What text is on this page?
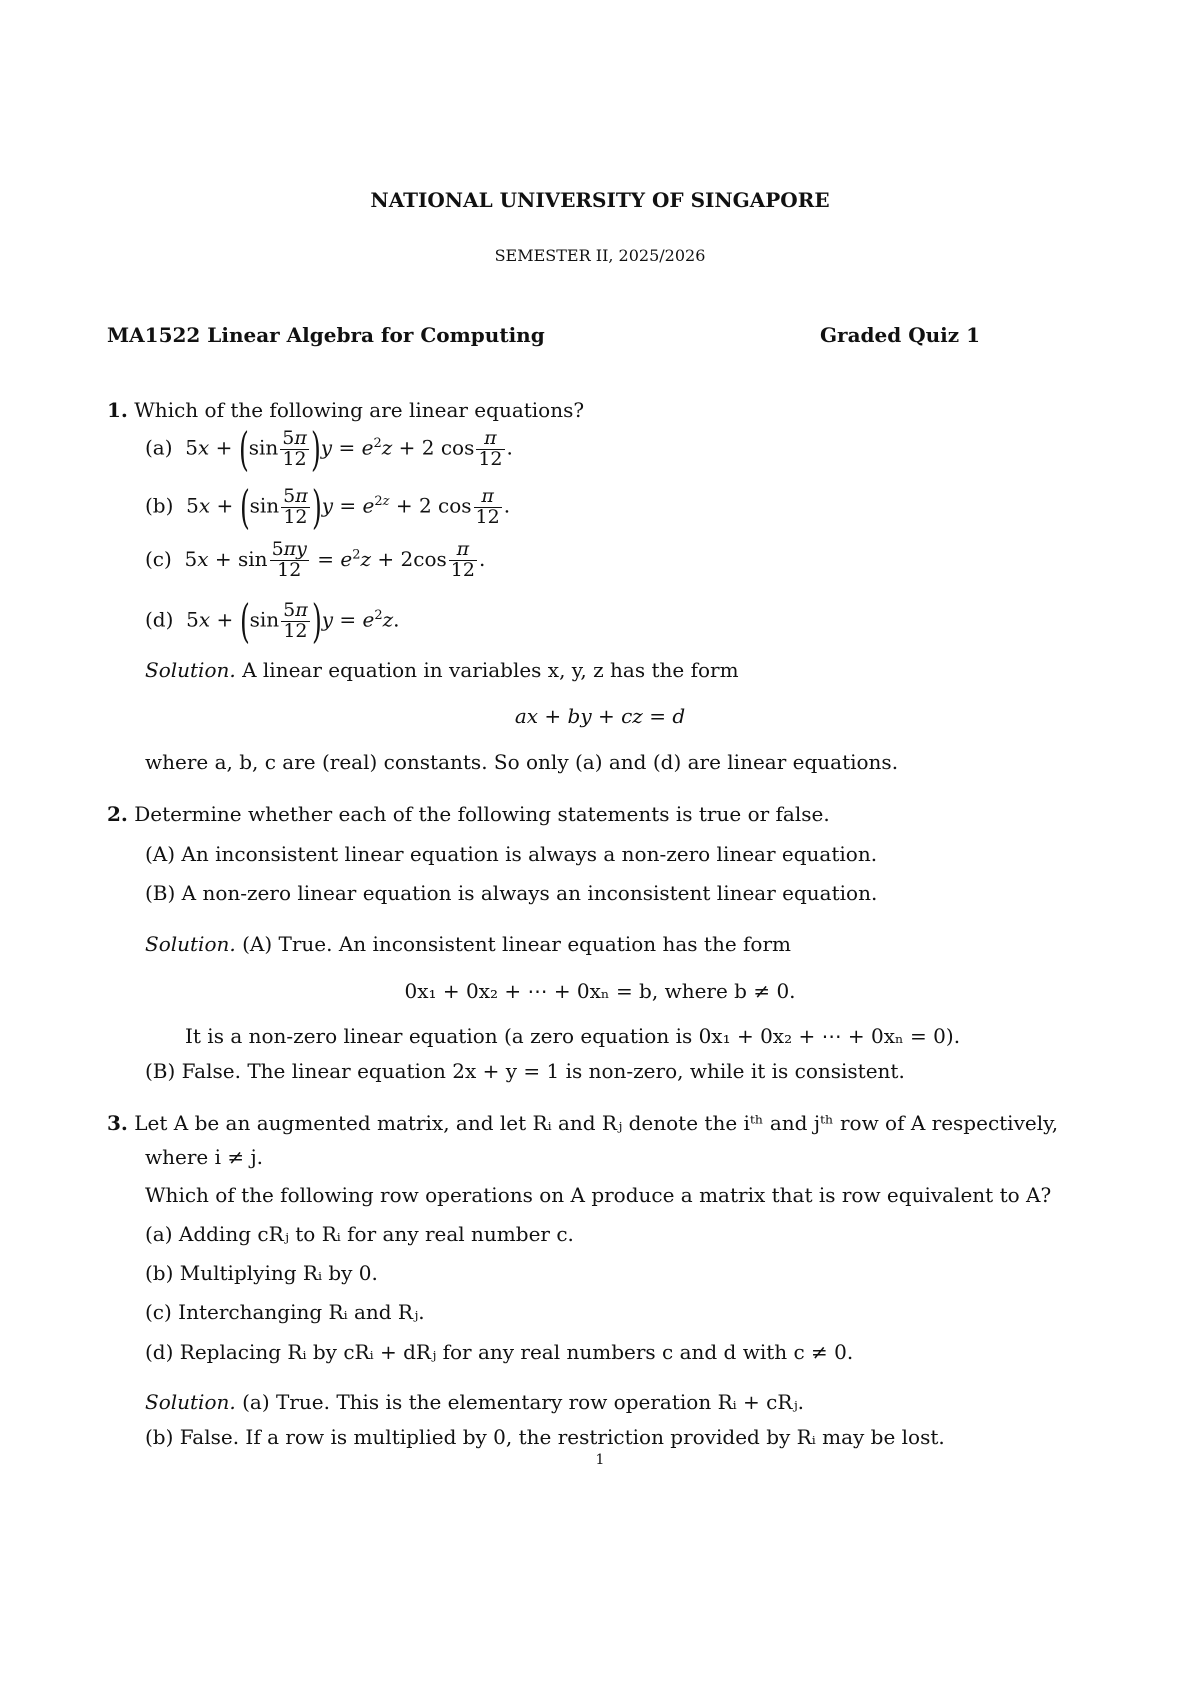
NATIONAL UNIVERSITY OF SINGAPORE
SEMESTER II, 2025/2026
MA1522 Linear Algebra for Computing	Graded Quiz 1
1. Which of the following are linear equations?
(a)  $5x + (\sin \frac{5\pi}{12} )y = e^2z + 2$ $\cos \frac{\pi}{12}$ .
(b)  $5x + (\sin \frac{5\pi}{12} )y = e^{2z} + 2$ $\cos \frac{\pi}{12}$ .
(c)  $5x + \sin \frac{5\pi y}{12} = e^2z + 2\cos \frac{\pi}{12}$ .
(d)  $5x + (\sin \frac{5\pi}{12} )y = e^2z$.
Solution. A linear equation in variables x, y, z has the form
ax + by + cz = d
where a, b, c are (real) constants. So only (a) and (d) are linear equations.
2. Determine whether each of the following statements is true or false.
(A) An inconsistent linear equation is always a non-zero linear equation.
(B) A non-zero linear equation is always an inconsistent linear equation.
Solution. (A) True. An inconsistent linear equation has the form
0x₁ + 0x₂ + ⋯ + 0xₙ = b, where b ≠ 0.
It is a non-zero linear equation (a zero equation is 0x₁ + 0x₂ + ⋯ + 0xₙ = 0).
(B) False. The linear equation 2x + y = 1 is non-zero, while it is consistent.
3. Let A be an augmented matrix, and let Rᵢ and Rⱼ denote the iᵗʰ and jᵗʰ row of A respectively,
where i ≠ j.
Which of the following row operations on A produce a matrix that is row equivalent to A?
(a) Adding cRⱼ to Rᵢ for any real number c.
(b) Multiplying Rᵢ by 0.
(c) Interchanging Rᵢ and Rⱼ.
(d) Replacing Rᵢ by cRᵢ + dRⱼ for any real numbers c and d with c ≠ 0.
Solution. (a) True. This is the elementary row operation Rᵢ + cRⱼ.
(b) False. If a row is multiplied by 0, the restriction provided by Rᵢ may be lost.
1
